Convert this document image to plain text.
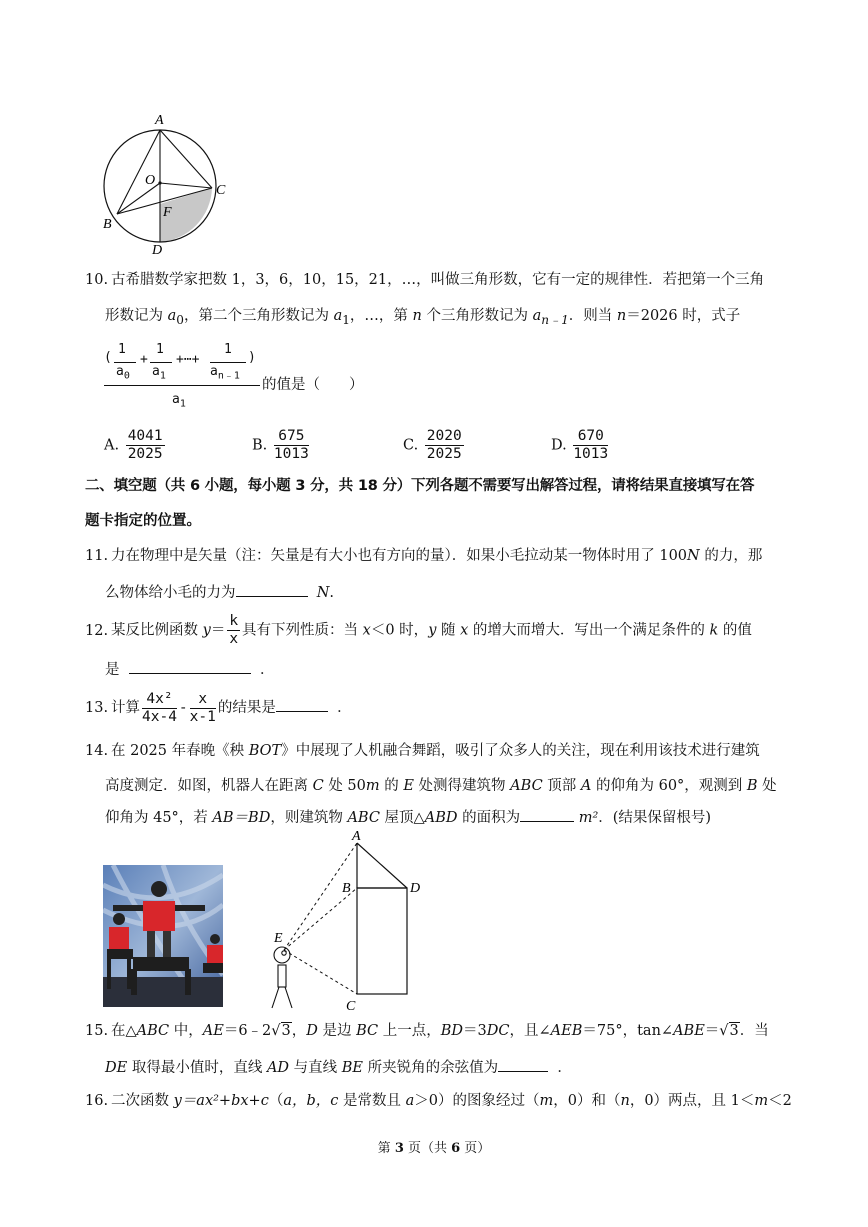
A
O
C
B
F
D
10. 古希腊数学家把数 1，3，6，10，15，21，…，叫做三角形数，它有一定的规律性．若把第一个三角
形数记为 $a_0$，第二个三角形数记为 $a_1$，…，第 n 个三角形数记为 $a_{n﹣1}$．则当 n＝2026 时，式子
(
1
$a_0$
+
1
$a_1$
+⋯+
1
$a_{n﹣1}$
)
$a_1$
的值是（　　）
A. $\frac{4041}{2025}$	B. $\frac{675}{1013}$	C. $\frac{2020}{2025}$	D. $\frac{670}{1013}$
二、填空题（共 6 小题，每小题 3 分，共 18 分）下列各题不需要写出解答过程，请将结果直接填写在答
题卡指定的位置。
11. 力在物理中是矢量（注：矢量是有大小也有方向的量）．如果小毛拉动某一物体时用了 100N 的力，那
么物体给小毛的力为	N.
12. 某反比例函数 $y= \frac{k}{x}$ 具有下列性质：当 x＜0 时，y 随 x 的增大而增大．写出一个满足条件的 k 的值
是	．
13. 计算 $\frac{\text{4x²}}{4x-4} - \frac{x}{x-1}$ 的结果是	．
14. 在 2025 年春晚《秧 BOT》中展现了人机融合舞蹈，吸引了众多人的关注，现在利用该技术进行建筑
高度测定．如图，机器人在距离 C 处 50m 的 E 处测得建筑物 ABC 顶部 A 的仰角为 60°，观测到 B 处
仰角为 45°，若 AB＝BD，则建筑物 ABC 屋顶△ABD 的面积为	m²．(结果保留根号)
A
B	D
E
C
15. 在△ABC 中，AE＝6﹣2√3，D 是边 BC 上一点，BD＝3DC，且∠AEB＝75°，tan∠ABE＝√3．当
DE 取得最小值时，直线 AD 与直线 BE 所夹锐角的余弦值为	．
16. 二次函数 y＝ax²+bx+c（a，b，c 是常数且 a＞0）的图象经过（m，0）和（n，0）两点，且 1＜m＜2
第 3 页（共 6 页）
